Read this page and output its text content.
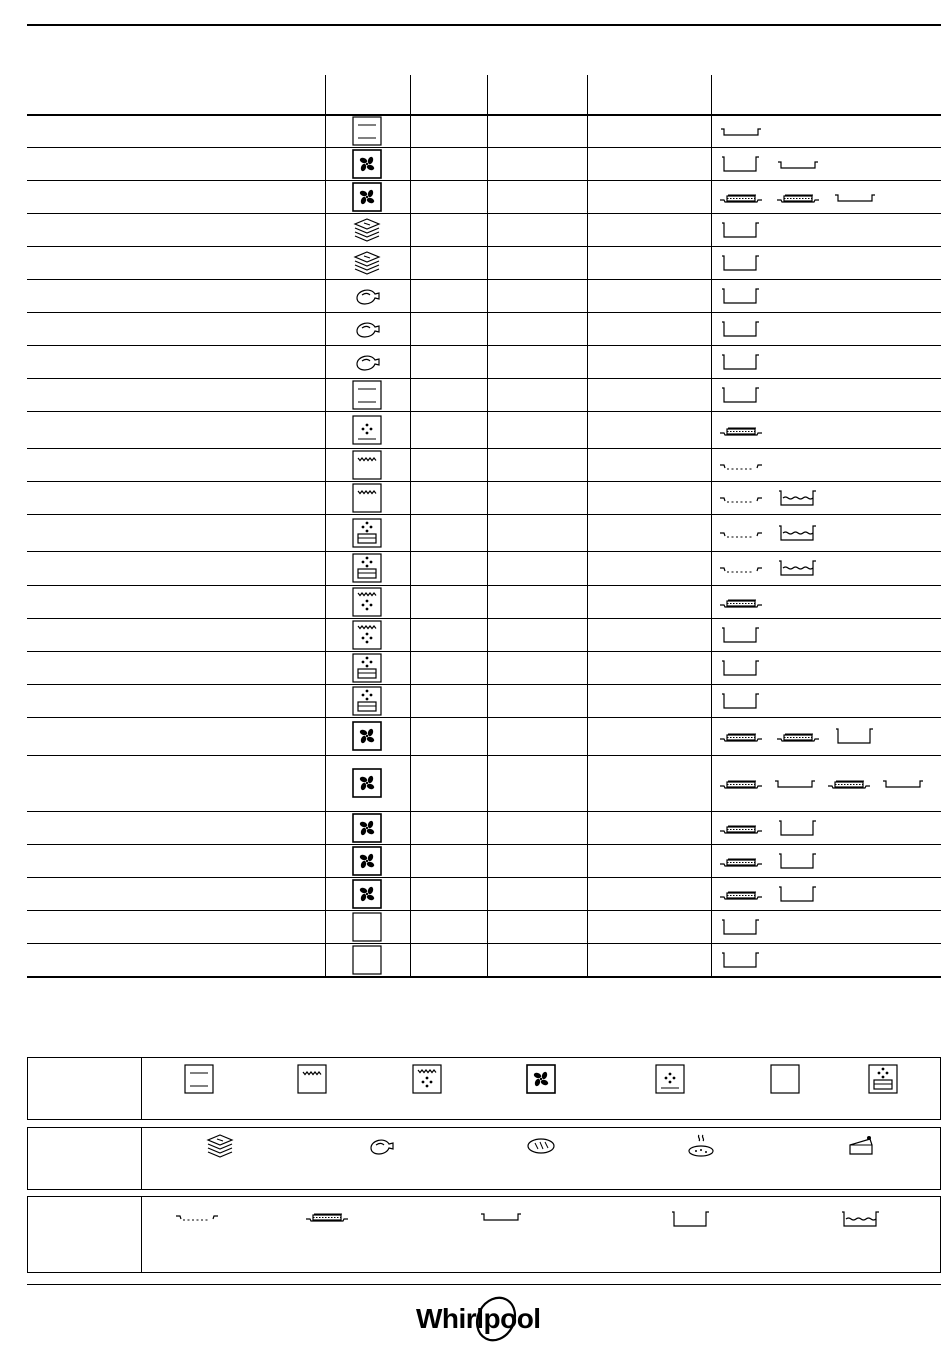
Whirlpool
